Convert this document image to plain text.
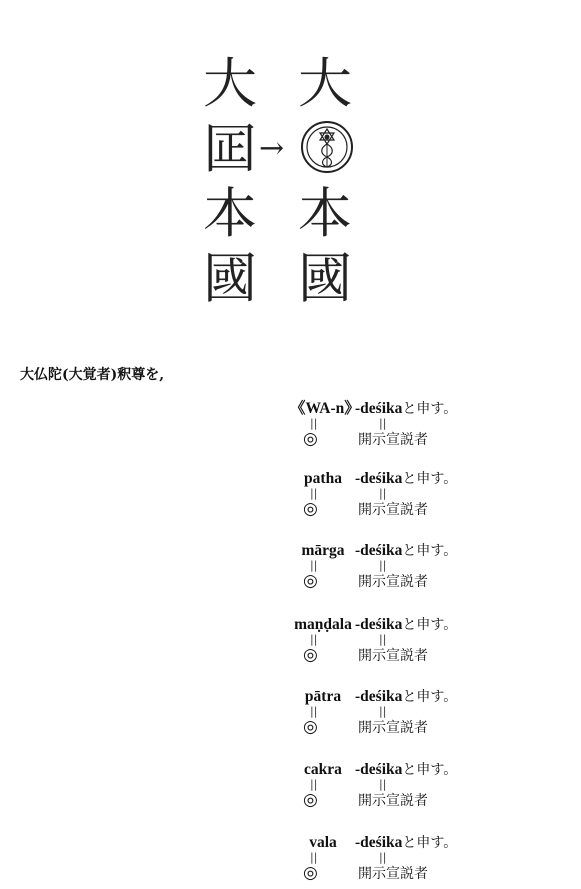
大
囸
本
國
→
大
本
國
大仏陀(大覚者)釈尊を,
《WA-n》
-deśikaと申す。
||	||
◎	開示宣説者
patha -deśikaと申す。
||	||
◎	開示宣説者
mārga -deśikaと申す。
||	||
◎	開示宣説者
maṇḍala -deśikaと申す。
||	||
◎	開示宣説者
pātra -deśikaと申す。
||	||
◎	開示宣説者
cakra -deśikaと申す。
||	||
◎	開示宣説者
vala	-deśikaと申す。
||	||
◎	開示宣説者
